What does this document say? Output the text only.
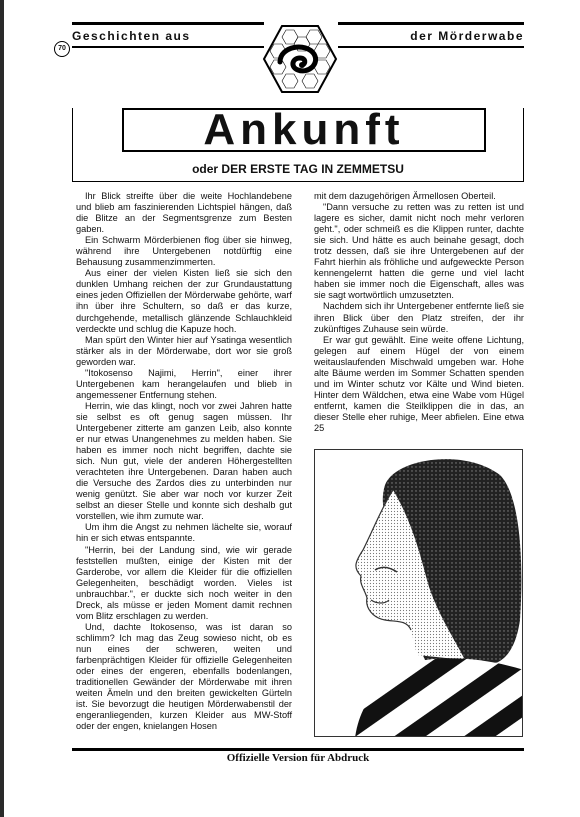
Geschichten aus	der Mörderwabe
70
Ankunft
oder DER ERSTE TAG IN ZEMMETSU

Ihr Blick streifte über die weite Hochlandebene und blieb am faszinierenden Lichtspiel hängen, daß die Blitze an der Segmentsgrenze zum Besten gaben.

Ein Schwarm Mörderbienen flog über sie hinweg, während ihre Untergebenen notdürftig eine Behausung zusammenzimmerten.

Aus einer der vielen Kisten ließ sie sich den dunklen Umhang reichen der zur Grundaustattung eines jeden Offiziellen der Mörderwabe gehörte, warf ihn über ihre Schultern, so daß er das kurze, durchgehende, metallisch glänzende Schlauchkleid verdeckte und schlug die Kapuze hoch.

Man spürt den Winter hier auf Ysatinga wesentlich stärker als in der Mörderwabe, dort wor sie groß geworden war.

"Itokosenso Najimi, Herrin", einer ihrer Untergebenen kam herangelaufen und blieb in angemessener Entfernung stehen.

Herrin, wie das klingt, noch vor zwei Jahren hatte sie selbst es oft genug sagen müssen. Ihr Untergebener zitterte am ganzen Leib, also konnte er nur etwas Unangenehmes zu melden haben. Sie haben es immer noch nicht begriffen, dachte sie sich. Nun gut, viele der anderen Höhergestellten verachteten ihre Untergebenen. Daran haben auch die Versuche des Zardos dies zu unterbinden nur wenig genützt. Sie aber war noch vor kurzer Zeit selbst an dieser Stelle und konnte sich deshalb gut vorstellen, wie ihm zumute war.

Um ihm die Angst zu nehmen lächelte sie, worauf hin er sich etwas entspannte.

"Herrin, bei der Landung sind, wie wir gerade feststellen mußten, einige der Kisten mit der Garderobe, vor allem die Kleider für die offiziellen Gelegenheiten, beschädigt worden. Vieles ist unbrauchbar.", er duckte sich noch weiter in den Dreck, als müsse er jeden Moment damit rechnen vom Blitz erschlagen zu werden.

Und, dachte Itokosenso, was ist daran so schlimm? Ich mag das Zeug sowieso nicht, ob es nun eines der schweren, weiten und farbenprächtigen Kleider für offizielle Gelegenheiten oder eines der engeren, ebenfalls bodenlangen, traditionellen Gewänder der Mörderwabe mit ihren weiten Ämeln und den breiten gewickelten Gürteln ist. Sie bevorzugt die heutigen Mörderwabenstil der engeranliegenden, kurzen Kleider aus MW-Stoff oder der engen, knielangen Hosen

mit dem dazugehörigen Ärmellosen Oberteil.

"Dann versuche zu retten was zu retten ist und lagere es sicher, damit nicht noch mehr verloren geht.", oder schmeiß es die Klippen runter, dachte sie sich. Und hätte es auch beinahe gesagt, doch trotz dessen, daß sie ihre Untergebenen auf der Fahrt hierhin als fröhliche und aufgeweckte Person kennengelernt hatten die gerne und viel lacht haben sie immer noch die Eigenschaft, alles was sie sagt wortwörtlich umzusetzten.

Nachdem sich ihr Untergebener entfernte ließ sie ihren Blick über den Platz streifen, der ihr zukünftiges Zuhause sein würde.

Er war gut gewählt. Eine weite offene Lichtung, gelegen auf einem Hügel der von einem weitauslaufenden Mischwald umgeben war. Hohe alte Bäume werden im Sommer Schatten spenden und im Winter schutz vor Kälte und Wind bieten. Hinter dem Wäldchen, etwa eine Wabe vom Hügel entfernt, kamen die Steilklippen die in das, an dieser Stelle eher ruhige, Meer abfielen. Eine etwa 25

Offizielle Version für Abdruck
